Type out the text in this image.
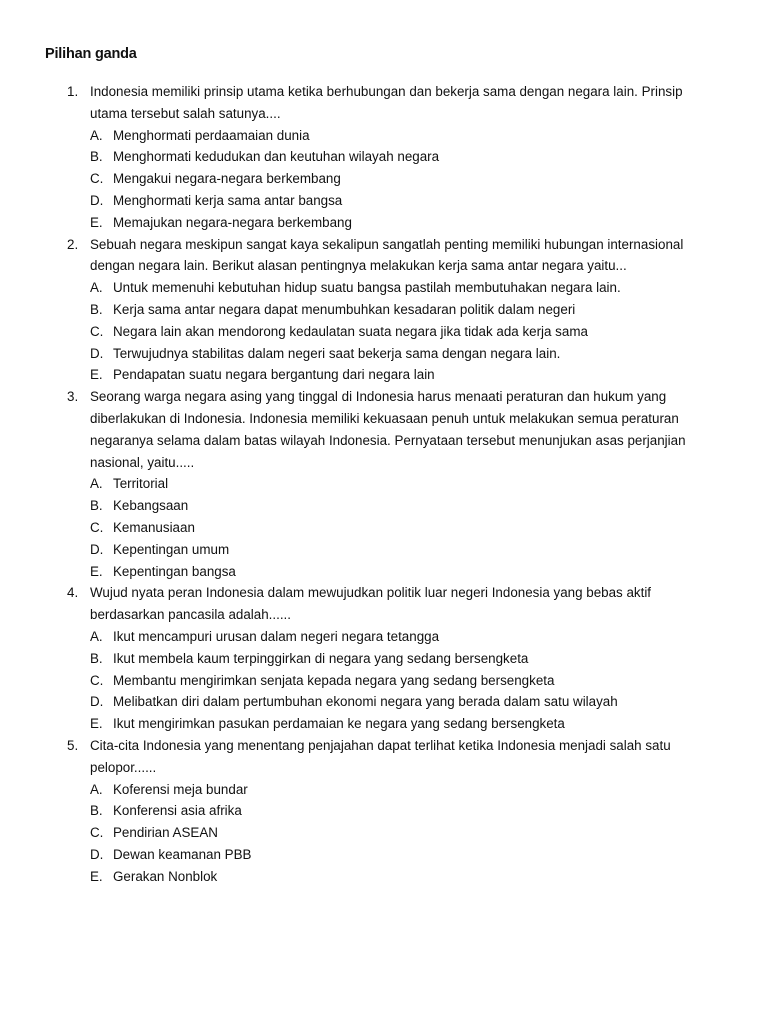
Pilihan ganda
1. Indonesia memiliki prinsip utama ketika berhubungan dan bekerja sama dengan negara lain. Prinsip utama tersebut salah satunya....
A. Menghormati perdaamaian dunia
B. Menghormati kedudukan dan keutuhan wilayah negara
C. Mengakui negara-negara berkembang
D. Menghormati kerja sama antar bangsa
E. Memajukan negara-negara berkembang
2. Sebuah negara meskipun sangat kaya sekalipun sangatlah penting memiliki hubungan internasional dengan negara lain. Berikut alasan pentingnya melakukan kerja sama antar negara yaitu...
A. Untuk memenuhi kebutuhan hidup suatu bangsa pastilah membutuhakan negara lain.
B. Kerja sama antar negara dapat menumbuhkan kesadaran politik dalam negeri
C. Negara lain akan mendorong kedaulatan suata negara jika tidak ada kerja sama
D. Terwujudnya stabilitas dalam negeri saat bekerja sama dengan negara lain.
E. Pendapatan suatu negara bergantung dari negara lain
3. Seorang warga negara asing yang tinggal di Indonesia harus menaati peraturan dan hukum yang diberlakukan di Indonesia. Indonesia memiliki kekuasaan penuh untuk melakukan semua peraturan negaranya selama dalam batas wilayah Indonesia. Pernyataan tersebut menunjukan asas perjanjian nasional, yaitu.....
A. Territorial
B. Kebangsaan
C. Kemanusiaan
D. Kepentingan umum
E. Kepentingan bangsa
4. Wujud nyata peran Indonesia dalam mewujudkan politik luar negeri Indonesia yang bebas aktif berdasarkan pancasila adalah......
A. Ikut mencampuri urusan dalam negeri negara tetangga
B. Ikut membela kaum terpinggirkan di negara yang sedang bersengketa
C. Membantu mengirimkan senjata kepada negara yang sedang bersengketa
D. Melibatkan diri dalam pertumbuhan ekonomi negara yang berada dalam satu wilayah
E. Ikut mengirimkan pasukan perdamaian ke negara yang sedang bersengketa
5. Cita-cita Indonesia yang menentang penjajahan dapat terlihat ketika Indonesia menjadi salah satu pelopor......
A. Koferensi meja bundar
B. Konferensi asia afrika
C. Pendirian ASEAN
D. Dewan keamanan PBB
E. Gerakan Nonblok
